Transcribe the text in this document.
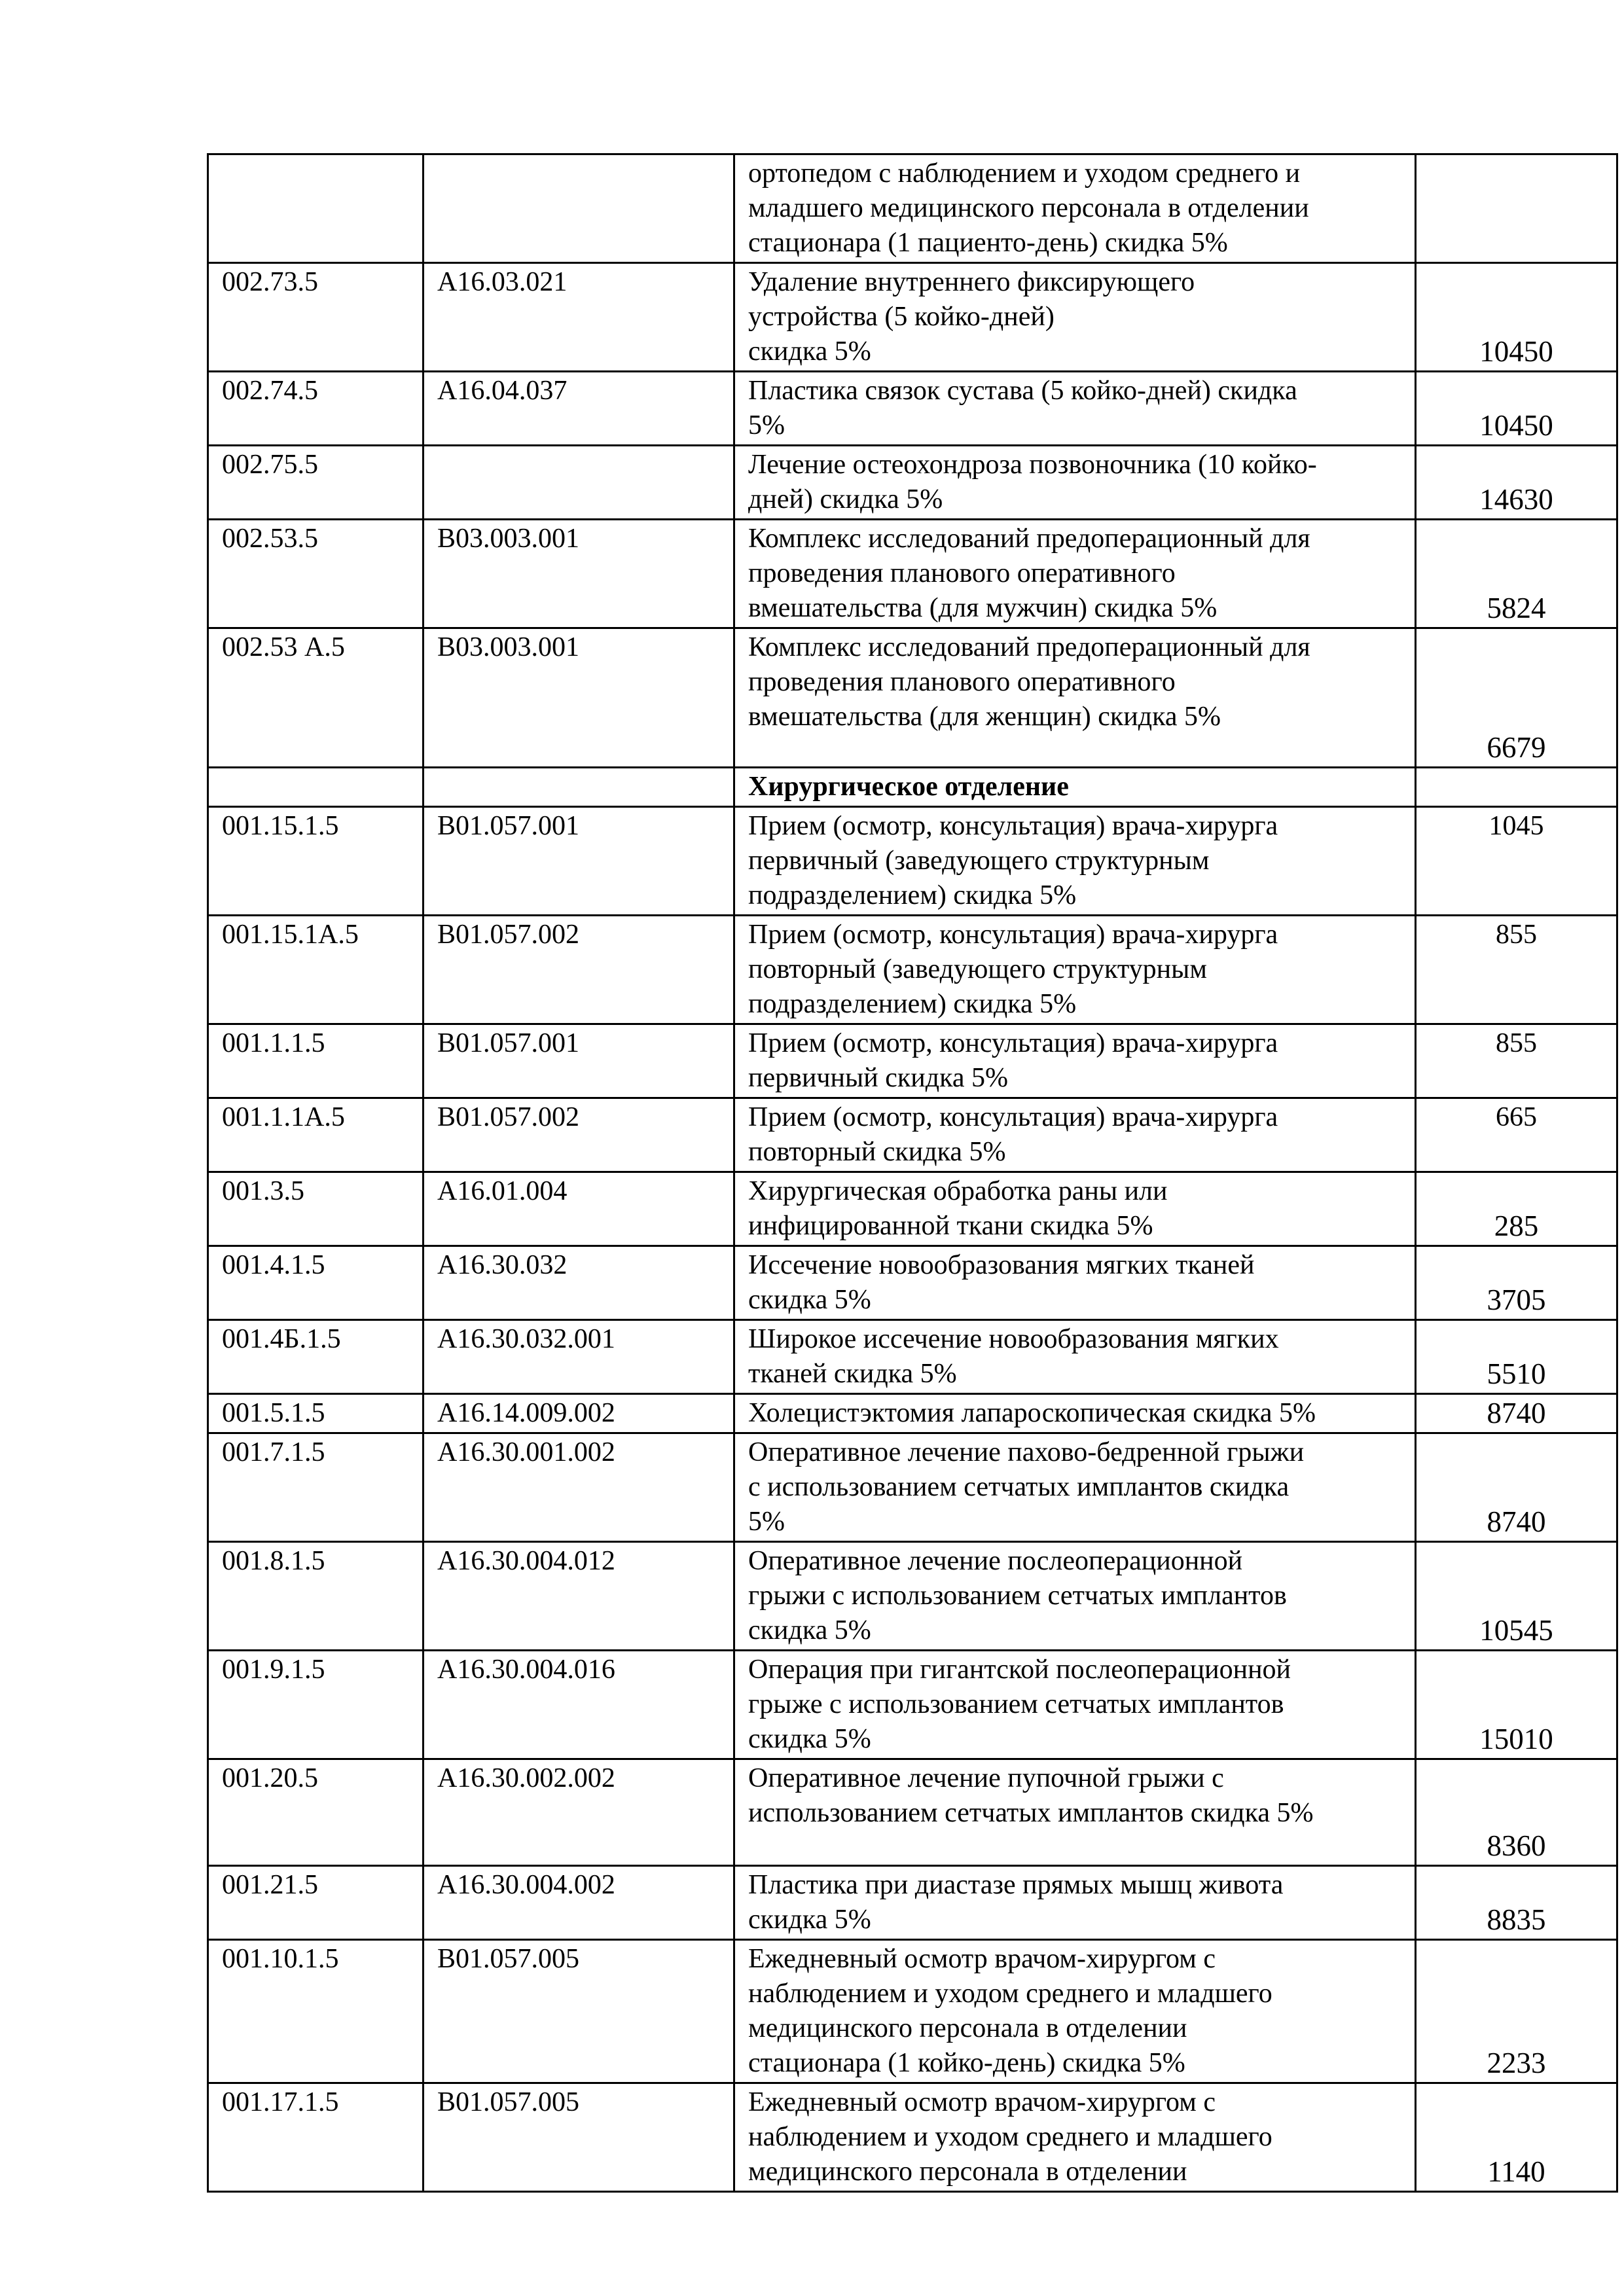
		ортопедом с наблюдением и уходом среднего и
младшего медицинского персонала в отделении
стационара (1 пациенто-день) скидка 5%	
002.73.5	A16.03.021	Удаление внутреннего фиксирующего
устройства (5 койко-дней)
скидка 5%	10450
002.74.5	A16.04.037	Пластика связок сустава (5 койко-дней) скидка
5%	10450
002.75.5		Лечение остеохондроза позвоночника (10 койко-
дней) скидка 5%	14630
002.53.5	B03.003.001	Комплекс исследований предоперационный для
проведения планового оперативного
вмешательства (для мужчин) скидка 5%	5824
002.53 А.5	B03.003.001	Комплекс исследований предоперационный для
проведения планового оперативного
вмешательства (для женщин) скидка 5%	6679
		Хирургическое отделение	
001.15.1.5	B01.057.001	Прием (осмотр, консультация) врача-хирурга
первичный (заведующего структурным
подразделением) скидка 5%	1045
001.15.1А.5	B01.057.002	Прием (осмотр, консультация) врача-хирурга
повторный (заведующего структурным
подразделением) скидка 5%	855
001.1.1.5	B01.057.001	Прием (осмотр, консультация) врача-хирурга
первичный скидка 5%	855
001.1.1А.5	B01.057.002	Прием (осмотр, консультация) врача-хирурга
повторный скидка 5%	665
001.3.5	A16.01.004	Хирургическая обработка раны или
инфицированной ткани скидка 5%	285
001.4.1.5	A16.30.032	Иссечение новообразования мягких тканей
скидка 5%	3705
001.4Б.1.5	A16.30.032.001	Широкое иссечение новообразования мягких
тканей скидка 5%	5510
001.5.1.5	A16.14.009.002	Холецистэктомия лапароскопическая скидка 5%	8740
001.7.1.5	A16.30.001.002	Оперативное лечение пахово-бедренной грыжи
с использованием сетчатых имплантов скидка
5%	8740
001.8.1.5	A16.30.004.012	Оперативное лечение послеоперационной
грыжи с использованием сетчатых имплантов
скидка 5%	10545
001.9.1.5	A16.30.004.016	Операция при гигантской послеоперационной
грыже с использованием сетчатых имплантов
скидка 5%	15010
001.20.5	A16.30.002.002	Оперативное лечение пупочной грыжи с
использованием сетчатых имплантов скидка 5%	8360
001.21.5	A16.30.004.002	Пластика при диастазе прямых мышц живота
скидка 5%	8835
001.10.1.5	B01.057.005	Ежедневный осмотр врачом-хирургом с
наблюдением и уходом среднего и младшего
медицинского персонала в отделении
стационара (1 койко-день) скидка 5%	2233
001.17.1.5	B01.057.005	Ежедневный осмотр врачом-хирургом с
наблюдением и уходом среднего и младшего
медицинского персонала в отделении	1140
